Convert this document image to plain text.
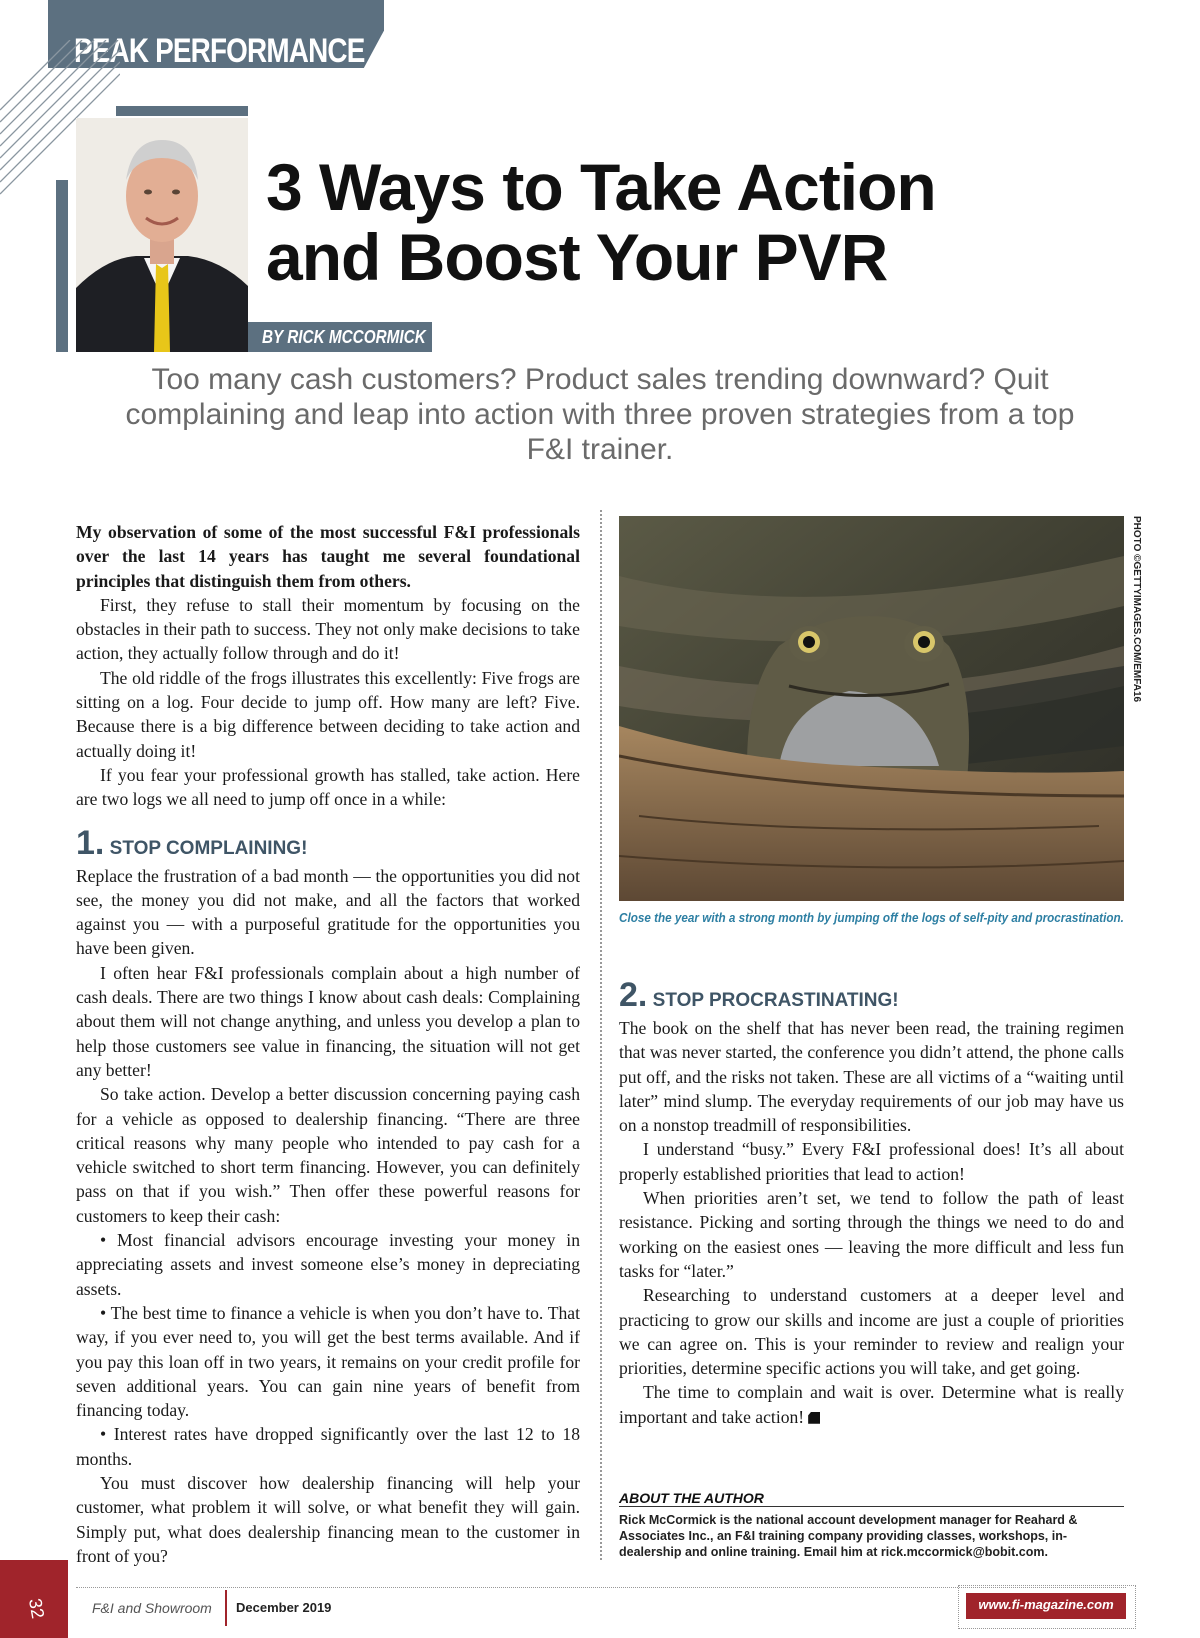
PEAK PERFORMANCE
3 Ways to Take Action
and Boost Your PVR
BY RICK MCCORMICK
Too many cash customers? Product sales trending downward? Quit complaining and leap into action with three proven strategies from a top F&I trainer.

My observation of some of the most successful F&I professionals over the last 14 years has taught me several foundational principles that distinguish them from others.

First, they refuse to stall their momentum by focusing on the obstacles in their path to success. They not only make decisions to take action, they actually follow through and do it!

The old riddle of the frogs illustrates this excellently: Five frogs are sitting on a log. Four decide to jump off. How many are left? Five. Because there is a big difference between deciding to take action and actually doing it!

If you fear your professional growth has stalled, take action. Here are two logs we all need to jump off once in a while:

1. STOP COMPLAINING!

Replace the frustration of a bad month — the opportunities you did not see, the money you did not make, and all the factors that worked against you — with a purposeful gratitude for the opportunities you have been given.

I often hear F&I professionals complain about a high number of cash deals. There are two things I know about cash deals: Complaining about them will not change anything, and unless you develop a plan to help those customers see value in financing, the situation will not get any better!

So take action. Develop a better discussion concerning paying cash for a vehicle as opposed to dealership financing. “There are three critical reasons why many people who intended to pay cash for a vehicle switched to short term financing. However, you can definitely pass on that if you wish.” Then offer these powerful reasons for customers to keep their cash:

• Most financial advisors encourage investing your money in appreciating assets and invest someone else’s money in depreciating assets.

• The best time to finance a vehicle is when you don’t have to. That way, if you ever need to, you will get the best terms available. And if you pay this loan off in two years, it remains on your credit profile for seven additional years. You can gain nine years of benefit from financing today.

• Interest rates have dropped significantly over the last 12 to 18 months.

You must discover how dealership financing will help your customer, what problem it will solve, or what benefit they will gain. Simply put, what does dealership financing mean to the customer in front of you?

PHOTO ©GETTYIMAGES.COM/EMFA16
Close the year with a strong month by jumping off the logs of self-pity and procrastination.
2. STOP PROCRASTINATING!

The book on the shelf that has never been read, the training regimen that was never started, the conference you didn’t attend, the phone calls put off, and the risks not taken. These are all victims of a “waiting until later” mind slump. The everyday requirements of our job may have us on a nonstop treadmill of responsibilities.

I understand “busy.” Every F&I professional does! It’s all about properly established priorities that lead to action!

When priorities aren’t set, we tend to follow the path of least resistance. Picking and sorting through the things we need to do and working on the easiest ones — leaving the more difficult and less fun tasks for “later.”

Researching to understand customers at a deeper level and practicing to grow our skills and income are just a couple of priorities we can agree on. This is your reminder to review and realign your priorities, determine specific actions you will take, and get going.

The time to complain and wait is over. Determine what is really important and take action!

ABOUT THE AUTHOR
Rick McCormick is the national account development manager for Reahard & Associates Inc., an F&I training company providing classes, workshops, in-dealership and online training. Email him at rick.mccormick@bobit.com.
32	F&I and Showroom December 2019	www.fi-magazine.com
